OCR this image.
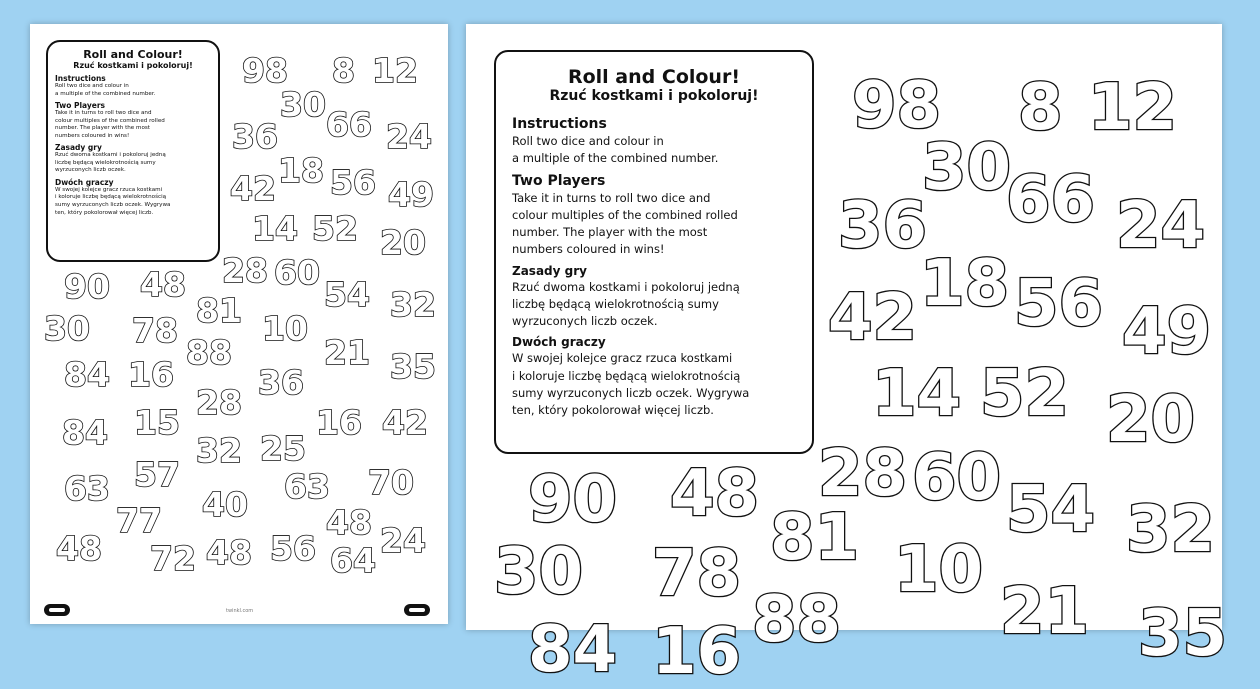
Roll and Colour!

Rzuć kostkami i pokoloruj!

Instructions

Roll two dice and colour in

a multiple of the combined number.

Two Players

Take it in turns to roll two dice and

colour multiples of the combined rolled

number. The player with the most

numbers coloured in wins!

Zasady gry

Rzuć dwoma kostkami i pokoloruj jedną

liczbę będącą wielokrotnością sumy

wyrzuconych liczb oczek.

Dwóch graczy

W swojej kolejce gracz rzuca kostkami

i koloruje liczbę będącą wielokrotnością

sumy wyrzuconych liczb oczek. Wygrywa

ten, który pokolorował więcej liczb.

98 8 12
30
36 66 24
18
42 56 49
14 52 20
28 60
90 48
81 54 32
30 78	10
88	21
84 16	35
36
28
84 15	16 42
32 25
57
63	63 70
40
77	48
48 72 48 56 64
24
twinkl.com

Roll and Colour!

Rzuć kostkami i pokoloruj!

Instructions

Roll two dice and colour in

a multiple of the combined number.

Two Players

Take it in turns to roll two dice and

colour multiples of the combined rolled

number. The player with the most

numbers coloured in wins!

Zasady gry

Rzuć dwoma kostkami i pokoloruj jedną

liczbę będącą wielokrotnością sumy

wyrzuconych liczb oczek.

Dwóch graczy

W swojej kolejce gracz rzuca kostkami

i koloruje liczbę będącą wielokrotnością

sumy wyrzuconych liczb oczek. Wygrywa

ten, który pokolorował więcej liczb.

98 8 12
30
66
36	24
18
42 56 49
14 52 20
28 60
90 48	54 32
81
30 78 10
88 21 35
84 16
